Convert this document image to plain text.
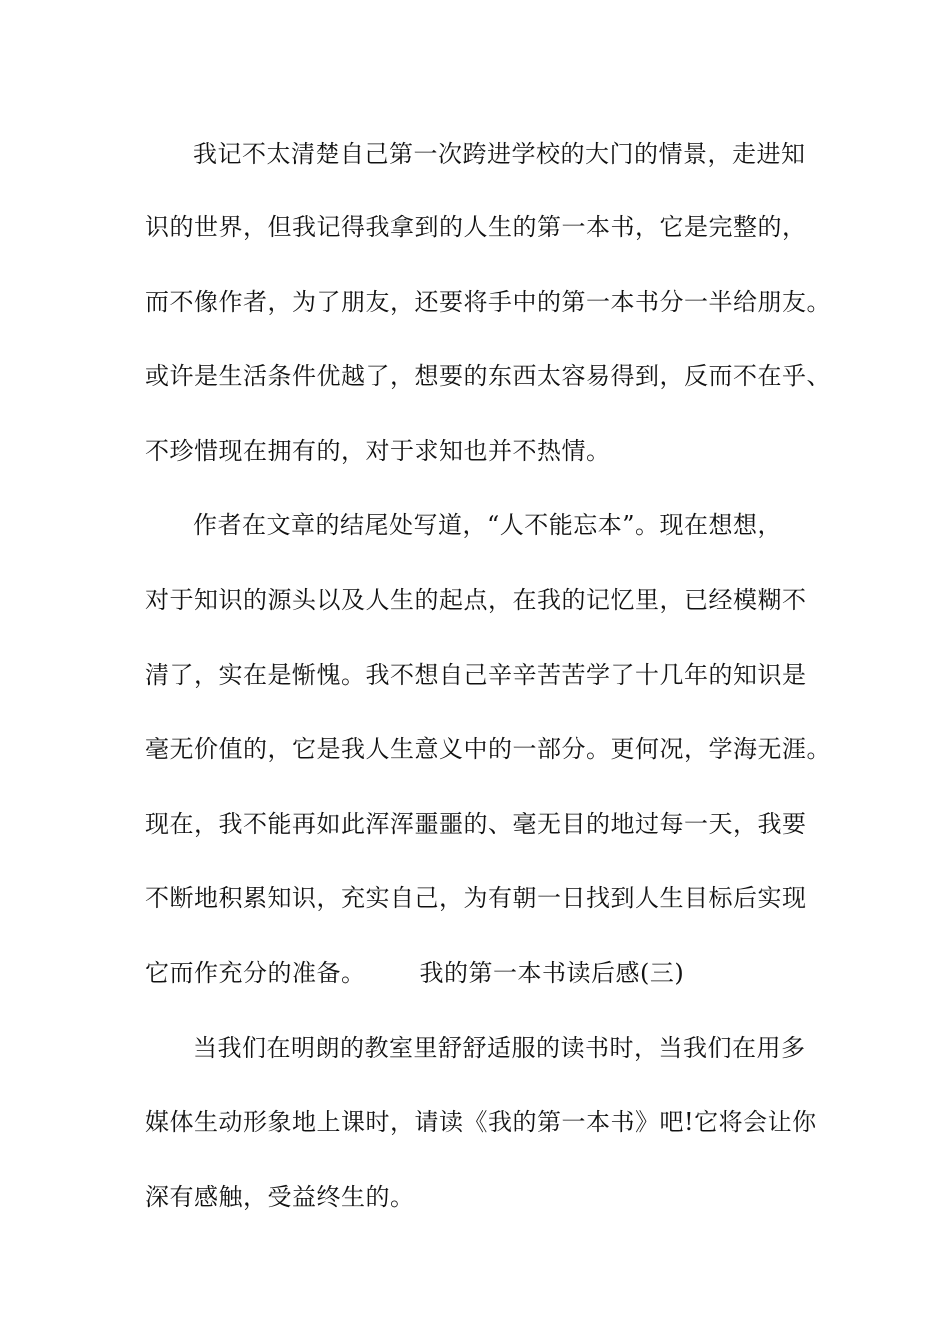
我记不太清楚自己第一次跨进学校的大门的情景，走进知

识的世界，但我记得我拿到的人生的第一本书，它是完整的，

而不像作者，为了朋友，还要将手中的第一本书分一半给朋友。

或许是生活条件优越了，想要的东西太容易得到，反而不在乎、

不珍惜现在拥有的，对于求知也并不热情。

作者在文章的结尾处写道，“人不能忘本”。现在想想，

对于知识的源头以及人生的起点，在我的记忆里，已经模糊不

清了，实在是惭愧。我不想自己辛辛苦苦学了十几年的知识是

毫无价值的，它是我人生意义中的一部分。更何况，学海无涯。

现在，我不能再如此浑浑噩噩的、毫无目的地过每一天，我要

不断地积累知识，充实自己，为有朝一日找到人生目标后实现

它而作充分的准备。 我的第一本书读后感(三)

当我们在明朗的教室里舒舒适服的读书时，当我们在用多

媒体生动形象地上课时，请读《我的第一本书》吧!它将会让你

深有感触，受益终生的。
